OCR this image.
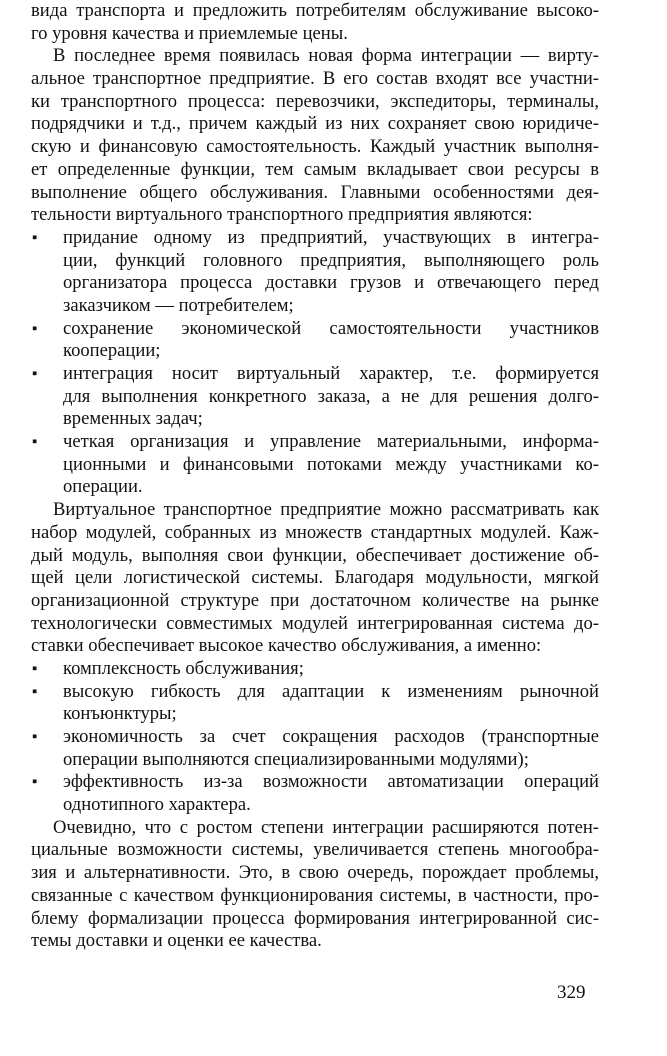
вида транспорта и предложить потребителям обслуживание высоко-
го уровня качества и приемлемые цены.
В последнее время появилась новая форма интеграции — вирту-
альное транспортное предприятие. В его состав входят все участни-
ки транспортного процесса: перевозчики, экспедиторы, терминалы,
подрядчики и т.д., причем каждый из них сохраняет свою юридиче-
скую и финансовую самостоятельность. Каждый участник выполня-
ет определенные функции, тем самым вкладывает свои ресурсы в
выполнение общего обслуживания. Главными особенностями дея-
тельности виртуального транспортного предприятия являются:
▪ придание одному из предприятий, участвующих в интегра-
ции, функций головного предприятия, выполняющего роль
организатора процесса доставки грузов и отвечающего перед
заказчиком — потребителем;
▪ сохранение экономической самостоятельности участников
кооперации;
▪ интеграция носит виртуальный характер, т.е. формируется
для выполнения конкретного заказа, а не для решения долго-
временных задач;
▪ четкая организация и управление материальными, информа-
ционными и финансовыми потоками между участниками ко-
операции.
Виртуальное транспортное предприятие можно рассматривать как
набор модулей, собранных из множеств стандартных модулей. Каж-
дый модуль, выполняя свои функции, обеспечивает достижение об-
щей цели логистической системы. Благодаря модульности, мягкой
организационной структуре при достаточном количестве на рынке
технологически совместимых модулей интегрированная система до-
ставки обеспечивает высокое качество обслуживания, а именно:
▪ комплексность обслуживания;
▪ высокую гибкость для адаптации к изменениям рыночной
конъюнктуры;
▪ экономичность за счет сокращения расходов (транспортные
операции выполняются специализированными модулями);
▪ эффективность из-за возможности автоматизации операций
однотипного характера.
Очевидно, что с ростом степени интеграции расширяются потен-
циальные возможности системы, увеличивается степень многообра-
зия и альтернативности. Это, в свою очередь, порождает проблемы,
связанные с качеством функционирования системы, в частности, про-
блему формализации процесса формирования интегрированной сис-
темы доставки и оценки ее качества.
329
